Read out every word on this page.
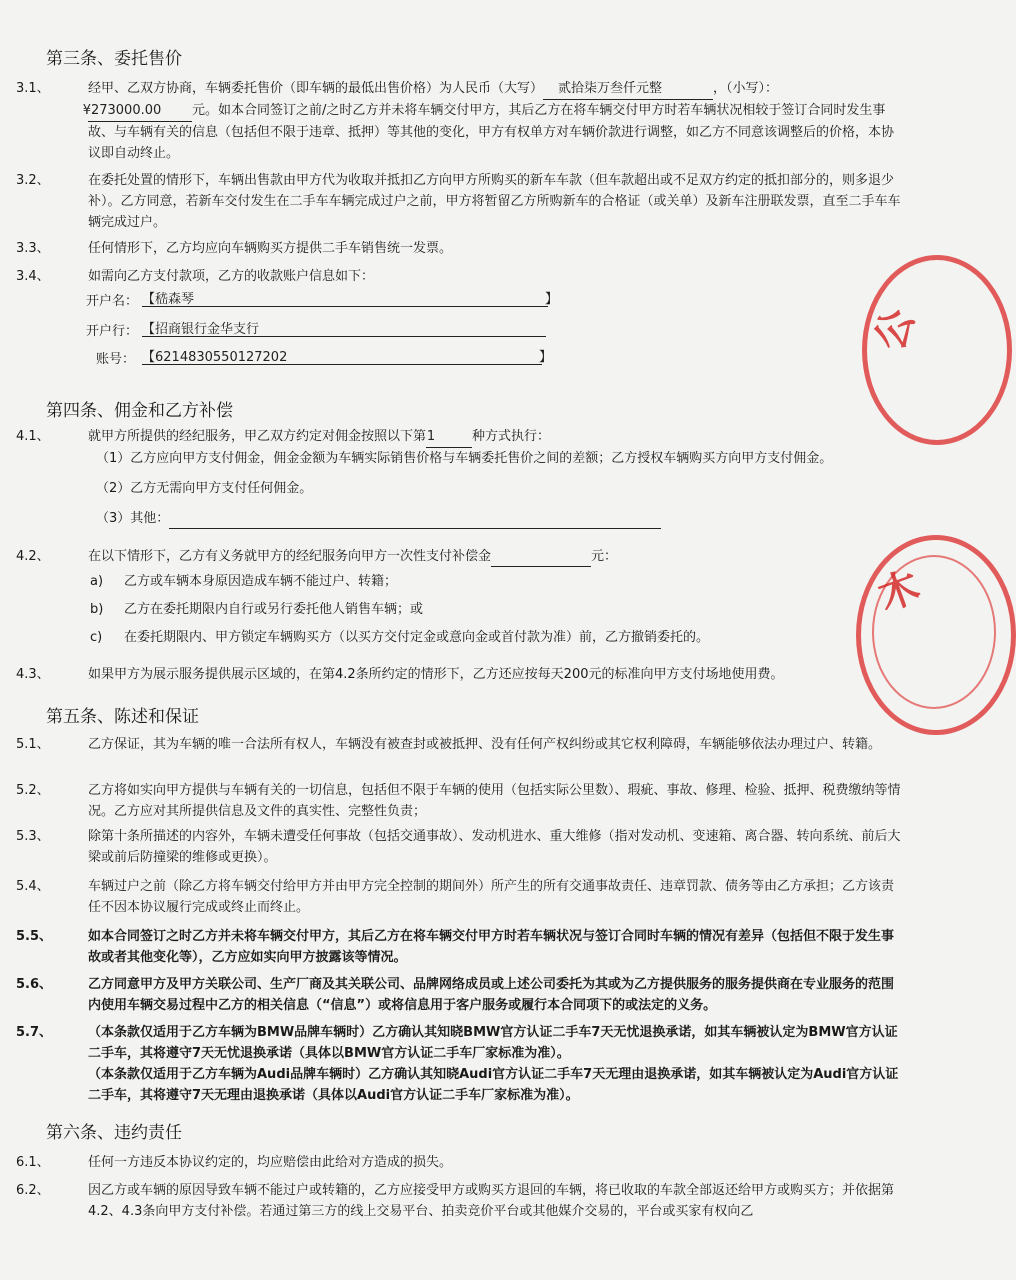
公
木
第三条、委托售价
3.1、	经甲、乙双方协商，车辆委托售价（即车辆的最低出售价格）为人民币（大写） 贰拾柒万叁仟元整	，（小写）：
¥273000.00 元。如本合同签订之前/之时乙方并未将车辆交付甲方，其后乙方在将车辆交付甲方时若车辆状况相较于签订合同时发生事故、与车辆有关的信息（包括但不限于违章、抵押）等其他的变化，甲方有权单方对车辆价款进行调整，如乙方不同意该调整后的价格，本协议即自动终止。
3.2、	在委托处置的情形下，车辆出售款由甲方代为收取并抵扣乙方向甲方所购买的新车车款（但车款超出或不足双方约定的抵扣部分的，则多退少补）。乙方同意，若新车交付发生在二手车车辆完成过户之前，甲方将暂留乙方所购新车的合格证（或关单）及新车注册联发票，直至二手车车辆完成过户。
3.3、	任何情形下，乙方均应向车辆购买方提供二手车销售统一发票。
3.4、	如需向乙方支付款项，乙方的收款账户信息如下：
开户名： 【嵇森琴	】
开户行： 【招商银行金华支行
账号： 【6214830550127202	】
第四条、佣金和乙方补偿
4.1、	就甲方所提供的经纪服务，甲乙双方约定对佣金按照以下第1	种方式执行：
（1）乙方应向甲方支付佣金，佣金金额为车辆实际销售价格与车辆委托售价之间的差额；乙方授权车辆购买方向甲方支付佣金。
（2）乙方无需向甲方支付任何佣金。
（3）其他：
4.2、	在以下情形下，乙方有义务就甲方的经纪服务向甲方一次性支付补偿金	元：
a) 乙方或车辆本身原因造成车辆不能过户、转籍；
b) 乙方在委托期限内自行或另行委托他人销售车辆；或
c) 在委托期限内、甲方锁定车辆购买方（以买方交付定金或意向金或首付款为准）前，乙方撤销委托的。
4.3、	如果甲方为展示服务提供展示区域的，在第4.2条所约定的情形下，乙方还应按每天200元的标准向甲方支付场地使用费。
第五条、陈述和保证
5.1、	乙方保证，其为车辆的唯一合法所有权人，车辆没有被查封或被抵押、没有任何产权纠纷或其它权利障碍，车辆能够依法办理过户、转籍。
5.2、	乙方将如实向甲方提供与车辆有关的一切信息，包括但不限于车辆的使用（包括实际公里数）、瑕疵、事故、修理、检验、抵押、税费缴纳等情况。乙方应对其所提供信息及文件的真实性、完整性负责；
5.3、	除第十条所描述的内容外，车辆未遭受任何事故（包括交通事故）、发动机进水、重大维修（指对发动机、变速箱、离合器、转向系统、前后大梁或前后防撞梁的维修或更换）。
5.4、	车辆过户之前（除乙方将车辆交付给甲方并由甲方完全控制的期间外）所产生的所有交通事故责任、违章罚款、债务等由乙方承担；乙方该责任不因本协议履行完成或终止而终止。
5.5、	如本合同签订之时乙方并未将车辆交付甲方，其后乙方在将车辆交付甲方时若车辆状况与签订合同时车辆的情况有差异（包括但不限于发生事故或者其他变化等），乙方应如实向甲方披露该等情况。
5.6、	乙方同意甲方及甲方关联公司、生产厂商及其关联公司、品牌网络成员或上述公司委托为其或为乙方提供服务的服务提供商在专业服务的范围内使用车辆交易过程中乙方的相关信息（“信息”）或将信息用于客户服务或履行本合同项下的或法定的义务。
5.7、	（本条款仅适用于乙方车辆为BMW品牌车辆时）乙方确认其知晓BMW官方认证二手车7天无忧退换承诺，如其车辆被认定为BMW官方认证二手车，其将遵守7天无忧退换承诺（具体以BMW官方认证二手车厂家标准为准）。
（本条款仅适用于乙方车辆为Audi品牌车辆时）乙方确认其知晓Audi官方认证二手车7天无理由退换承诺，如其车辆被认定为Audi官方认证二手车，其将遵守7天无理由退换承诺（具体以Audi官方认证二手车厂家标准为准）。
第六条、违约责任
6.1、	任何一方违反本协议约定的，均应赔偿由此给对方造成的损失。
6.2、	因乙方或车辆的原因导致车辆不能过户或转籍的，乙方应接受甲方或购买方退回的车辆，将已收取的车款全部返还给甲方或购买方；并依据第4.2、4.3条向甲方支付补偿。若通过第三方的线上交易平台、拍卖竞价平台或其他媒介交易的，平台或买家有权向乙
